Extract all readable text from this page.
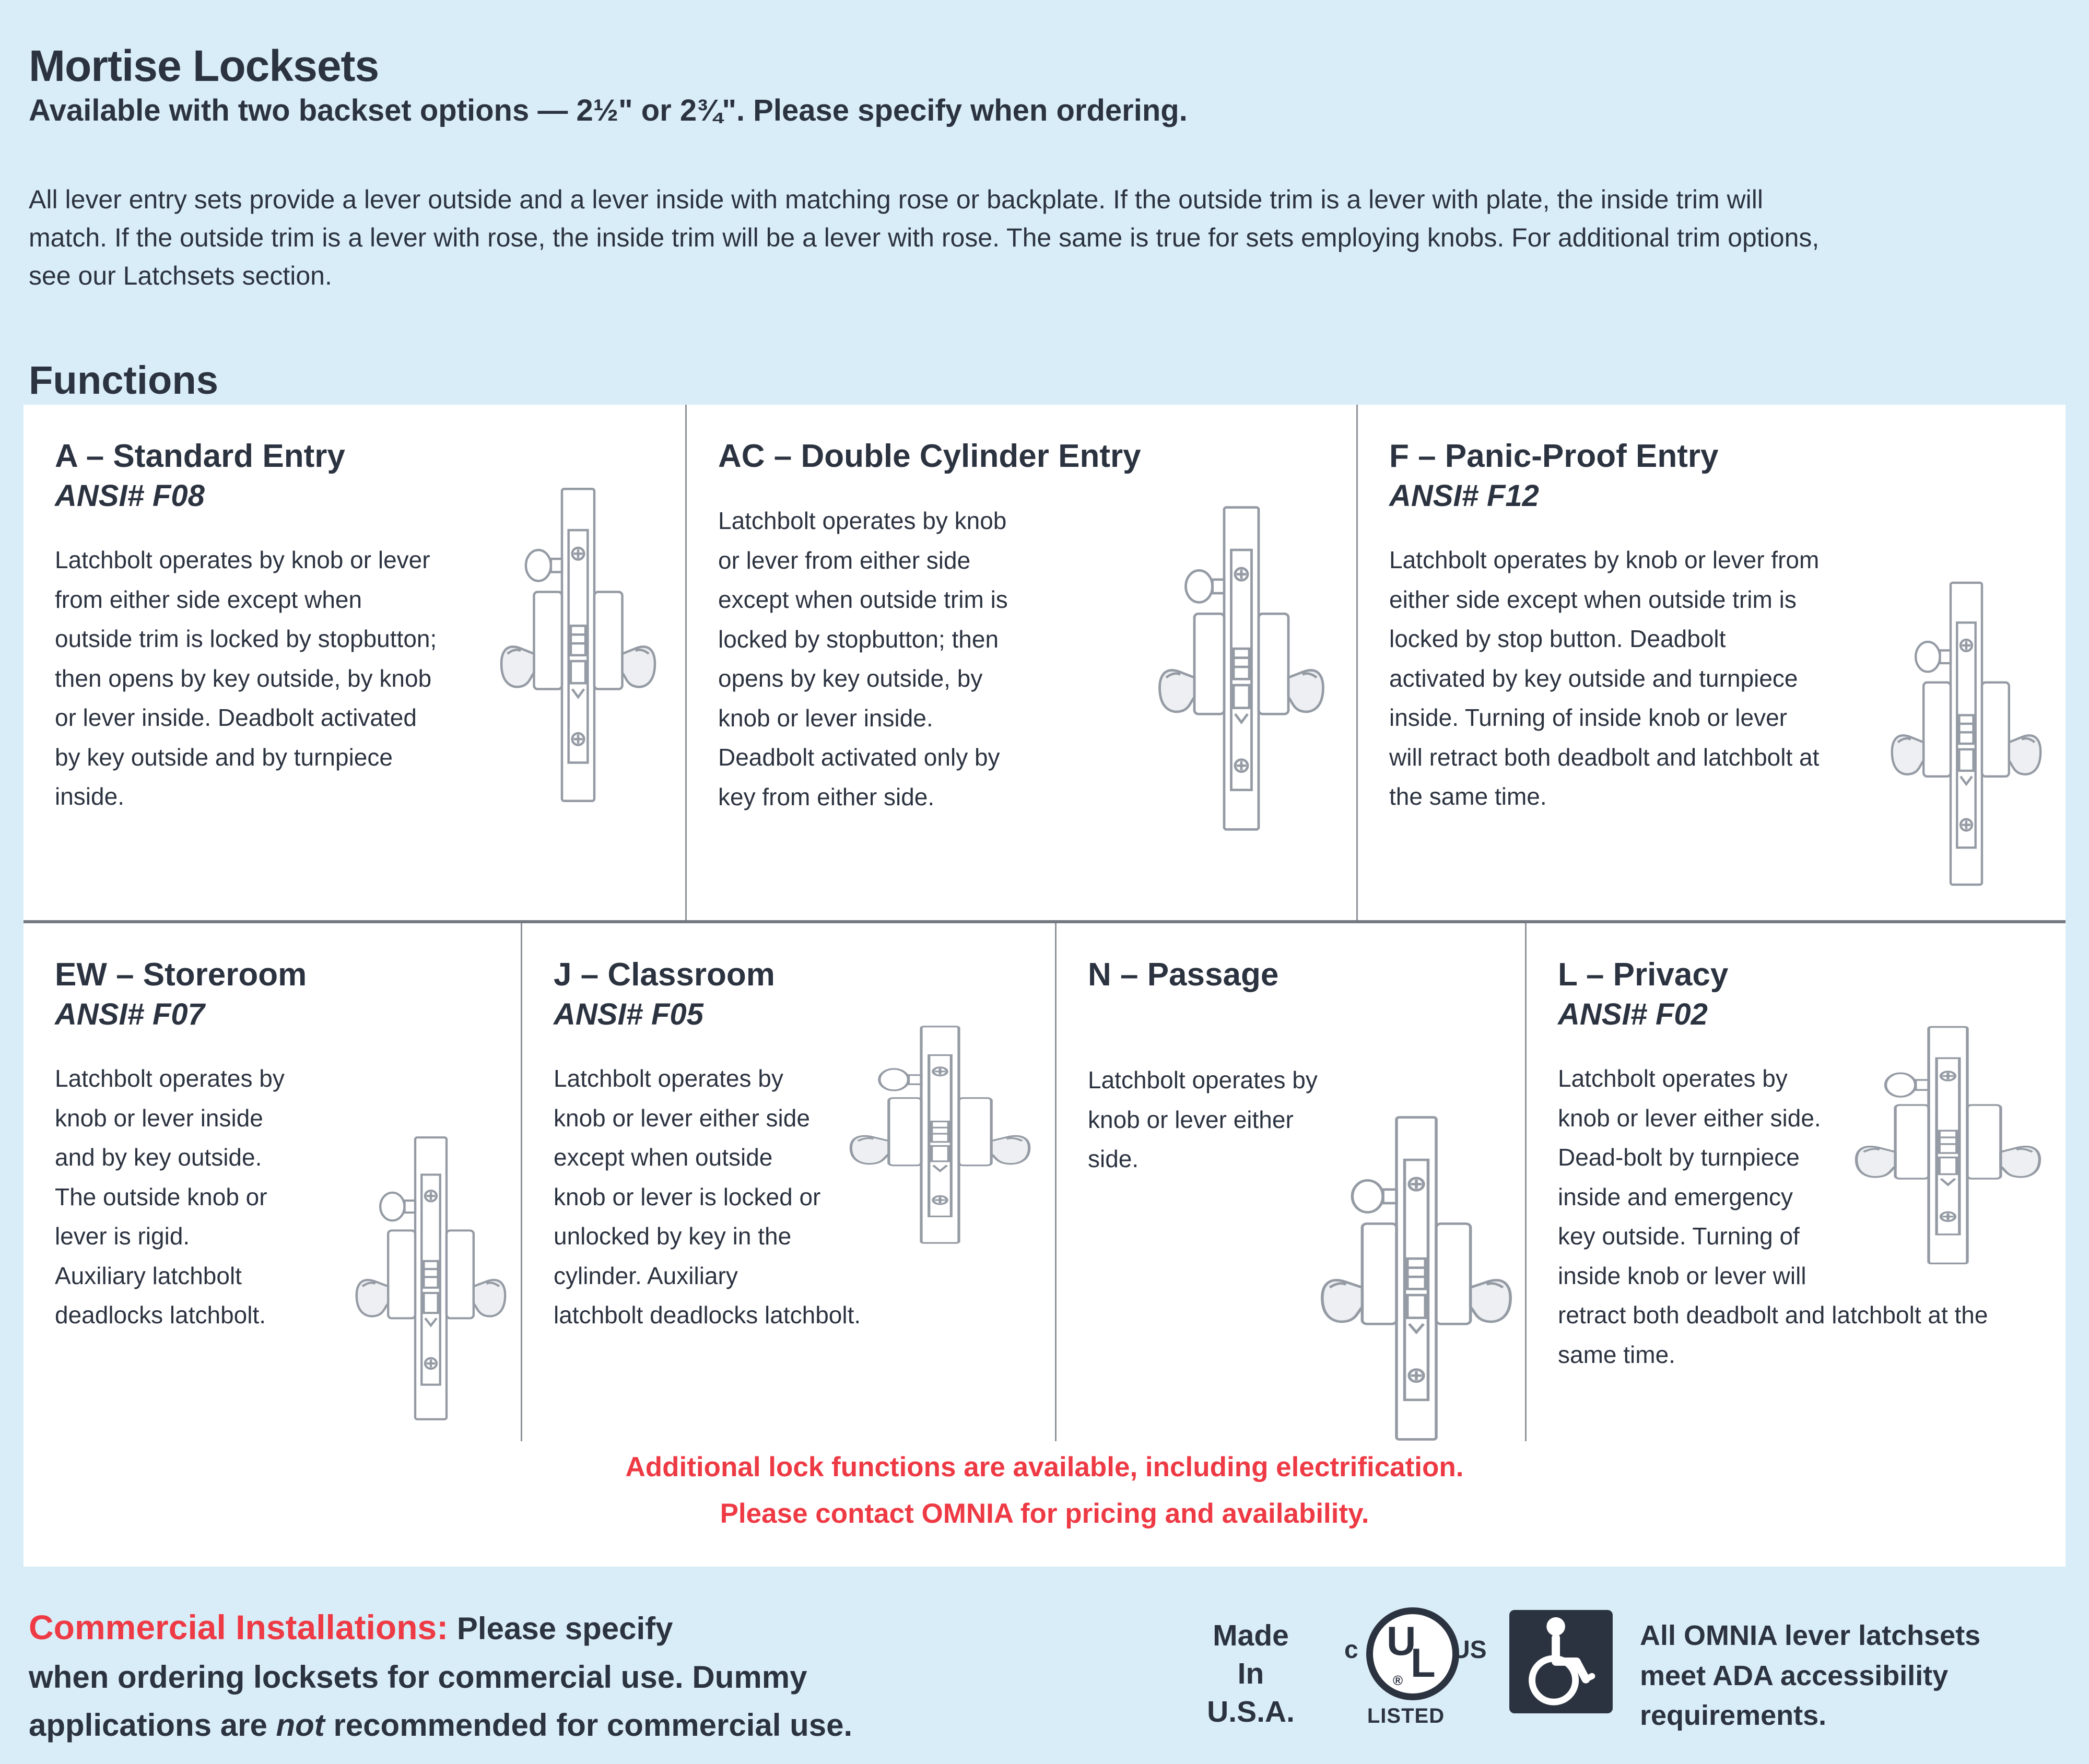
Mortise Locksets
Available with two backset options — 2½" or 2¾". Please specify when ordering.

All lever entry sets provide a lever outside and a lever inside with matching rose or backplate. If the outside trim is a lever with plate, the inside trim will match. If the outside trim is a lever with rose, the inside trim will be a lever with rose. The same is true for sets employing knobs. For additional trim options, see our Latchsets section.

Functions
A – Standard Entry
ANSI# F08

Latchbolt operates by knob or lever from either side except when outside trim is locked by stopbutton; then opens by key outside, by knob or lever inside. Deadbolt activated by key outside and by turnpiece inside.

AC – Double Cylinder Entry

Latchbolt operates by knob or lever from either side except when outside trim is locked by stopbutton; then opens by key outside, by knob or lever inside. Deadbolt activated only by key from either side.

F – Panic-Proof Entry
ANSI# F12

Latchbolt operates by knob or lever from either side except when outside trim is locked by stop button. Deadbolt activated by key outside and turnpiece inside. Turning of inside knob or lever will retract both deadbolt and latchbolt at the same time.

EW – Storeroom
ANSI# F07

Latchbolt operates by knob or lever inside and by key outside. The outside knob or lever is rigid. Auxiliary latchbolt deadlocks latchbolt.

J – Classroom
ANSI# F05

Latchbolt operates by knob or lever either side except when outside knob or lever is locked or unlocked by key in the cylinder. Auxiliary latchbolt deadlocks latchbolt.

N – Passage

Latchbolt operates by knob or lever either side.

L – Privacy
ANSI# F02

Latchbolt operates by knob or lever either side. Dead-bolt by turnpiece inside and emergency key outside. Turning of inside knob or lever will retract both deadbolt and latchbolt at the same time.

Additional lock functions are available, including electrification.
Please contact OMNIA for pricing and availability.
Commercial Installations: Please specify
when ordering locksets for commercial use. Dummy
applications are not recommended for commercial use.
Made
In
U.S.A.
c U
L
®
US
LISTED
All OMNIA lever latchsets
meet ADA accessibility
requirements.
